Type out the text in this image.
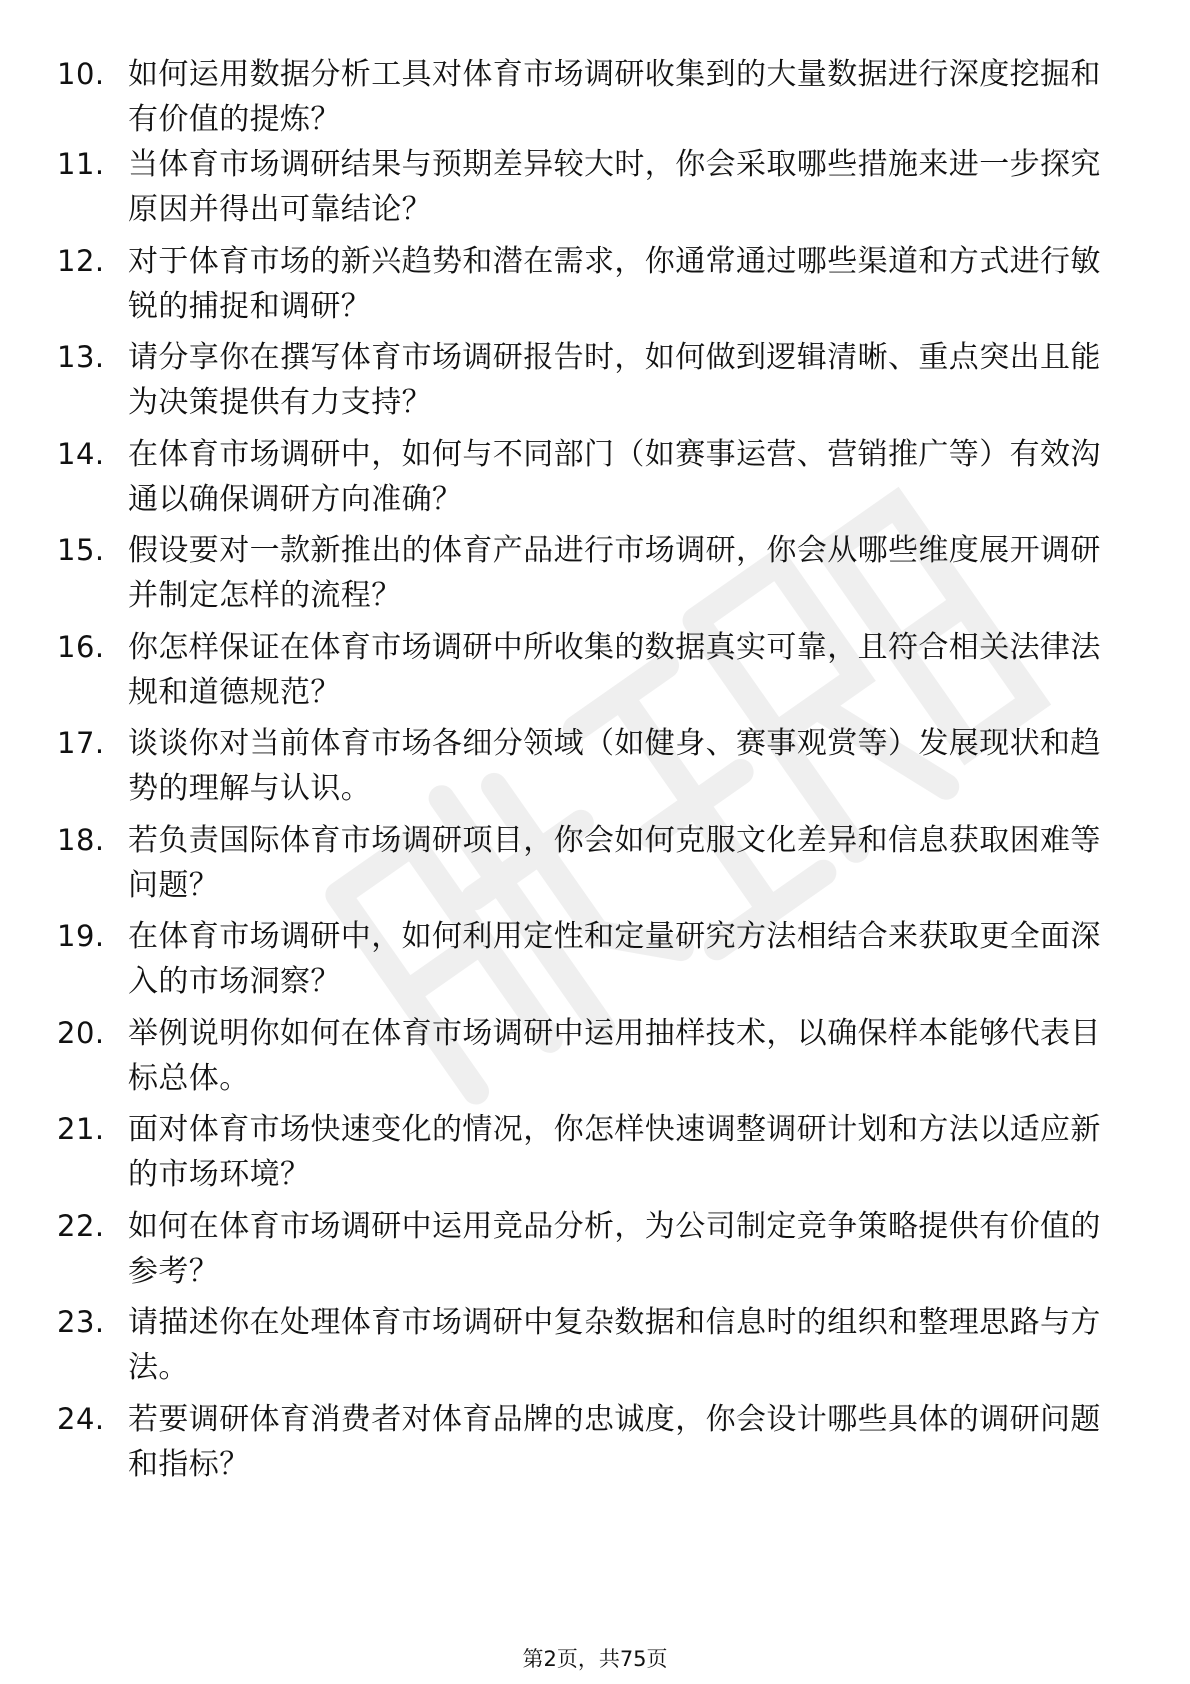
10. 如何运用数据分析工具对体育市场调研收集到的大量数据进行深度挖掘和有价值的提炼？
11. 当体育市场调研结果与预期差异较大时，你会采取哪些措施来进一步探究原因并得出可靠结论？
12. 对于体育市场的新兴趋势和潜在需求，你通常通过哪些渠道和方式进行敏锐的捕捉和调研？
13. 请分享你在撰写体育市场调研报告时，如何做到逻辑清晰、重点突出且能为决策提供有力支持？
14. 在体育市场调研中，如何与不同部门（如赛事运营、营销推广等）有效沟通以确保调研方向准确？
15. 假设要对一款新推出的体育产品进行市场调研，你会从哪些维度展开调研并制定怎样的流程？
16. 你怎样保证在体育市场调研中所收集的数据真实可靠，且符合相关法律法规和道德规范？
17. 谈谈你对当前体育市场各细分领域（如健身、赛事观赏等）发展现状和趋势的理解与认识。
18. 若负责国际体育市场调研项目，你会如何克服文化差异和信息获取困难等问题？
19. 在体育市场调研中，如何利用定性和定量研究方法相结合来获取更全面深入的市场洞察？
20. 举例说明你如何在体育市场调研中运用抽样技术，以确保样本能够代表目标总体。
21. 面对体育市场快速变化的情况，你怎样快速调整调研计划和方法以适应新的市场环境？
22. 如何在体育市场调研中运用竞品分析，为公司制定竞争策略提供有价值的参考？
23. 请描述你在处理体育市场调研中复杂数据和信息时的组织和整理思路与方法。
24. 若要调研体育消费者对体育品牌的忠诚度，你会设计哪些具体的调研问题和指标？
第2页，共75页
